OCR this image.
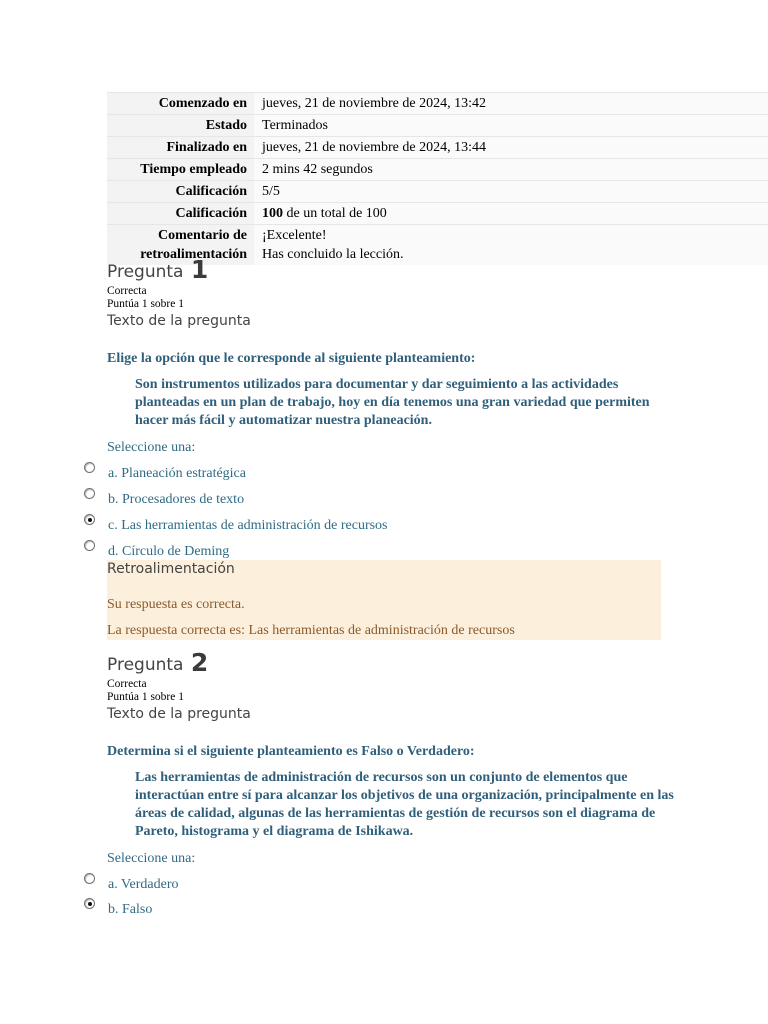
Comenzado en	jueves, 21 de noviembre de 2024, 13:42
Estado	Terminados
Finalizado en	jueves, 21 de noviembre de 2024, 13:44
Tiempo empleado	2 mins 42 segundos
Calificación	5/5
Calificación	100 de un total de 100
Comentario de
retroalimentación	¡Excelente!
Has concluido la lección.
Pregunta 1
Correcta
Puntúa 1 sobre 1
Texto de la pregunta
Elige la opción que le corresponde al siguiente planteamiento:
Son instrumentos utilizados para documentar y dar seguimiento a las actividades planteadas en un plan de trabajo, hoy en día tenemos una gran variedad que permiten hacer más fácil y automatizar nuestra planeación.
Seleccione una:
a. Planeación estratégica
b. Procesadores de texto
c. Las herramientas de administración de recursos
d. Círculo de Deming
Retroalimentación
Su respuesta es correcta.
La respuesta correcta es: Las herramientas de administración de recursos
Pregunta 2
Correcta
Puntúa 1 sobre 1
Texto de la pregunta
Determina si el siguiente planteamiento es Falso o Verdadero:
Las herramientas de administración de recursos son un conjunto de elementos que interactúan entre sí para alcanzar los objetivos de una organización, principalmente en las áreas de calidad, algunas de las herramientas de gestión de recursos son el diagrama de Pareto, histograma y el diagrama de Ishikawa.
Seleccione una:
a. Verdadero
b. Falso
